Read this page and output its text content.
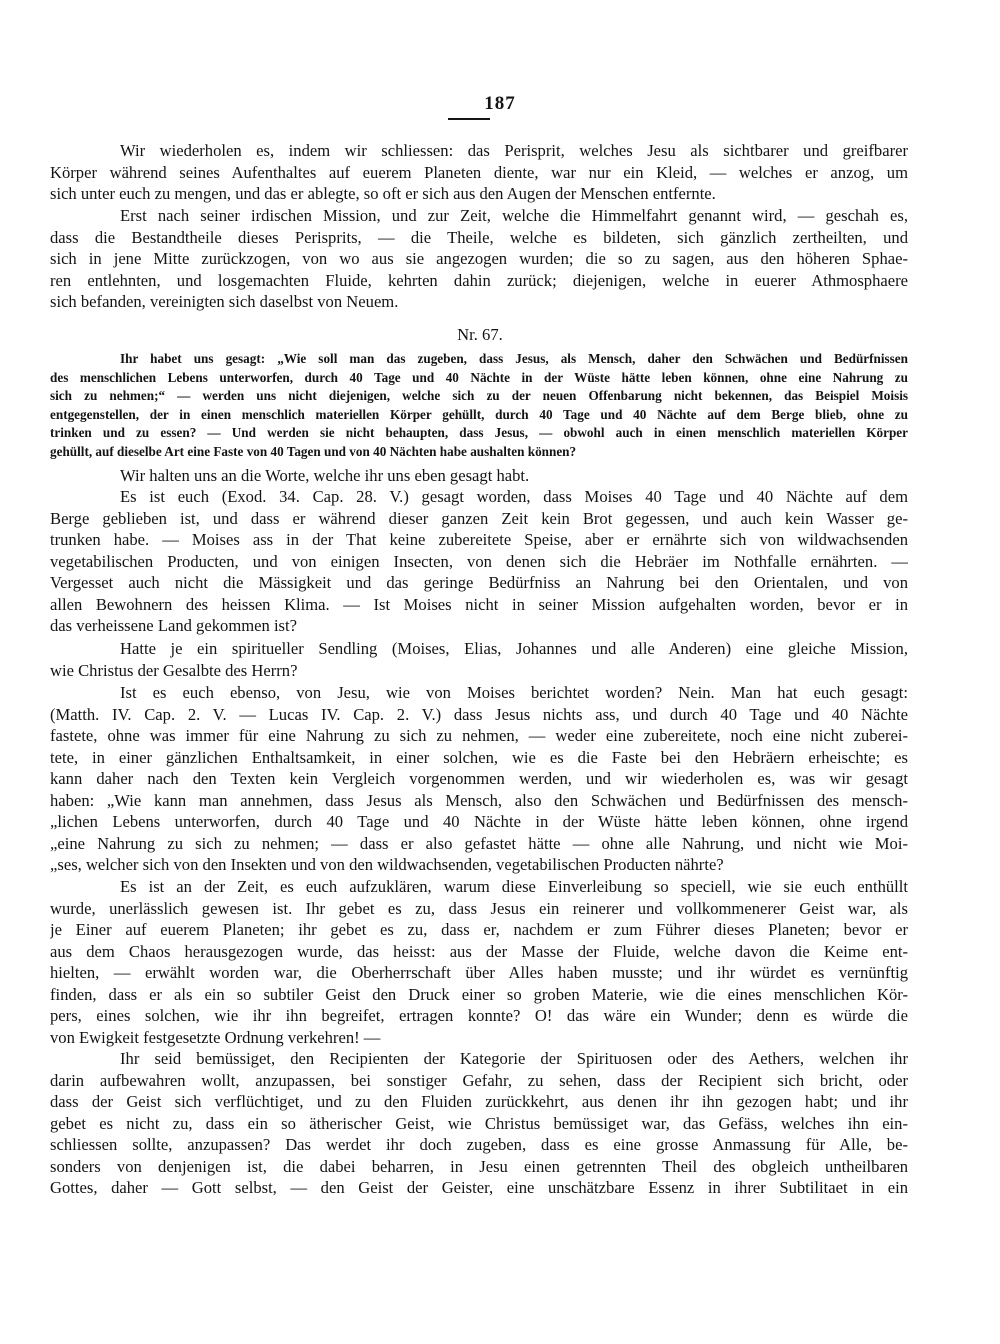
187
Wir wiederholen es, indem wir schliessen: das Perisprit, welches Jesu als sichtbarer und greifbarer
Körper während seines Aufenthaltes auf euerem Planeten diente, war nur ein Kleid, — welches er anzog, um
sich unter euch zu mengen, und das er ablegte, so oft er sich aus den Augen der Menschen entfernte.
Erst nach seiner irdischen Mission, und zur Zeit, welche die Himmelfahrt genannt wird, — geschah es,
dass die Bestandtheile dieses Perisprits, — die Theile, welche es bildeten, sich gänzlich zertheilten, und
sich in jene Mitte zurückzogen, von wo aus sie angezogen wurden; die so zu sagen, aus den höheren Sphae-
ren entlehnten, und losgemachten Fluide, kehrten dahin zurück; diejenigen, welche in euerer Athmosphaere
sich befanden, vereinigten sich daselbst von Neuem.
Nr. 67.
Ihr habet uns gesagt: „Wie soll man das zugeben, dass Jesus, als Mensch, daher den Schwächen und Bedürfnissen
des menschlichen Lebens unterworfen, durch 40 Tage und 40 Nächte in der Wüste hätte leben können, ohne eine Nahrung zu
sich zu nehmen;“ — werden uns nicht diejenigen, welche sich zu der neuen Offenbarung nicht bekennen, das Beispiel Moisis
entgegenstellen, der in einen menschlich materiellen Körper gehüllt, durch 40 Tage und 40 Nächte auf dem Berge blieb, ohne zu
trinken und zu essen? — Und werden sie nicht behaupten, dass Jesus, — obwohl auch in einen menschlich materiellen Körper
gehüllt, auf dieselbe Art eine Faste von 40 Tagen und von 40 Nächten habe aushalten können?
Wir halten uns an die Worte, welche ihr uns eben gesagt habt.
Es ist euch (Exod. 34. Cap. 28. V.) gesagt worden, dass Moises 40 Tage und 40 Nächte auf dem
Berge geblieben ist, und dass er während dieser ganzen Zeit kein Brot gegessen, und auch kein Wasser ge-
trunken habe. — Moises ass in der That keine zubereitete Speise, aber er ernährte sich von wildwachsenden
vegetabilischen Producten, und von einigen Insecten, von denen sich die Hebräer im Nothfalle ernährten. —
Vergesset auch nicht die Mässigkeit und das geringe Bedürfniss an Nahrung bei den Orientalen, und von
allen Bewohnern des heissen Klima. — Ist Moises nicht in seiner Mission aufgehalten worden, bevor er in
das verheissene Land gekommen ist?
Hatte je ein spiritueller Sendling (Moises, Elias, Johannes und alle Anderen) eine gleiche Mission,
wie Christus der Gesalbte des Herrn?
Ist es euch ebenso, von Jesu, wie von Moises berichtet worden? Nein. Man hat euch gesagt:
(Matth. IV. Cap. 2. V. — Lucas IV. Cap. 2. V.) dass Jesus nichts ass, und durch 40 Tage und 40 Nächte
fastete, ohne was immer für eine Nahrung zu sich zu nehmen, — weder eine zubereitete, noch eine nicht zuberei-
tete, in einer gänzlichen Enthaltsamkeit, in einer solchen, wie es die Faste bei den Hebräern erheischte; es
kann daher nach den Texten kein Vergleich vorgenommen werden, und wir wiederholen es, was wir gesagt
haben: „Wie kann man annehmen, dass Jesus als Mensch, also den Schwächen und Bedürfnissen des mensch-
„lichen Lebens unterworfen, durch 40 Tage und 40 Nächte in der Wüste hätte leben können, ohne irgend
„eine Nahrung zu sich zu nehmen; — dass er also gefastet hätte — ohne alle Nahrung, und nicht wie Moi-
„ses, welcher sich von den Insekten und von den wildwachsenden, vegetabilischen Producten nährte?
Es ist an der Zeit, es euch aufzuklären, warum diese Einverleibung so speciell, wie sie euch enthüllt
wurde, unerlässlich gewesen ist. Ihr gebet es zu, dass Jesus ein reinerer und vollkommenerer Geist war, als
je Einer auf euerem Planeten; ihr gebet es zu, dass er, nachdem er zum Führer dieses Planeten; bevor er
aus dem Chaos herausgezogen wurde, das heisst: aus der Masse der Fluide, welche davon die Keime ent-
hielten, — erwählt worden war, die Oberherrschaft über Alles haben musste; und ihr würdet es vernünftig
finden, dass er als ein so subtiler Geist den Druck einer so groben Materie, wie die eines menschlichen Kör-
pers, eines solchen, wie ihr ihn begreifet, ertragen konnte? O! das wäre ein Wunder; denn es würde die
von Ewigkeit festgesetzte Ordnung verkehren! —
Ihr seid bemüssiget, den Recipienten der Kategorie der Spirituosen oder des Aethers, welchen ihr
darin aufbewahren wollt, anzupassen, bei sonstiger Gefahr, zu sehen, dass der Recipient sich bricht, oder
dass der Geist sich verflüchtiget, und zu den Fluiden zurückkehrt, aus denen ihr ihn gezogen habt; und ihr
gebet es nicht zu, dass ein so ätherischer Geist, wie Christus bemüssiget war, das Gefäss, welches ihn ein-
schliessen sollte, anzupassen? Das werdet ihr doch zugeben, dass es eine grosse Anmassung für Alle, be-
sonders von denjenigen ist, die dabei beharren, in Jesu einen getrennten Theil des obgleich untheilbaren
Gottes, daher — Gott selbst, — den Geist der Geister, eine unschätzbare Essenz in ihrer Subtilitaet in ein
